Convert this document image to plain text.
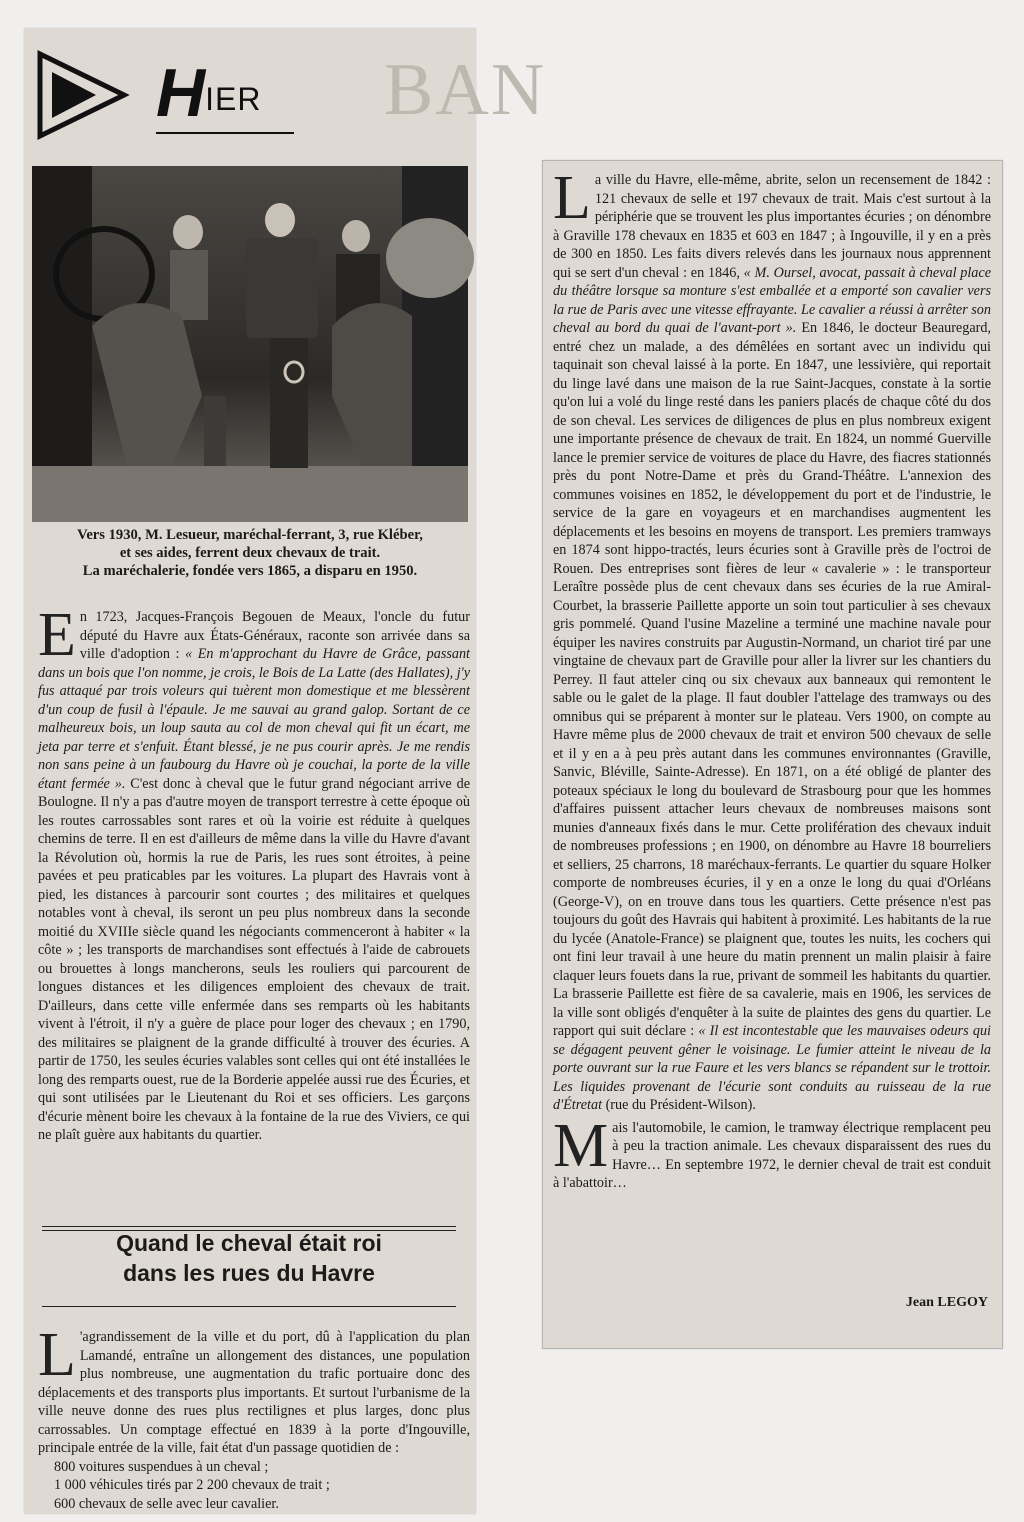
BAN
HIER
Vers 1930, M. Lesueur, maréchal-ferrant, 3, rue Kléber,
et ses aides, ferrent deux chevaux de trait.
La maréchalerie, fondée vers 1865, a disparu en 1950.

En 1723, Jacques-François Begouen de Meaux, l'oncle du futur député du Havre aux États-Généraux, raconte son arrivée dans sa ville d'adoption : « En m'approchant du Havre de Grâce, passant dans un bois que l'on nomme, je crois, le Bois de La Latte (des Hallates), j'y fus attaqué par trois voleurs qui tuèrent mon domestique et me blessèrent d'un coup de fusil à l'épaule. Je me sauvai au grand galop. Sortant de ce malheureux bois, un loup sauta au col de mon cheval qui fit un écart, me jeta par terre et s'enfuit. Étant blessé, je ne pus courir après. Je me rendis non sans peine à un faubourg du Havre où je couchai, la porte de la ville étant fermée ». C'est donc à cheval que le futur grand négociant arrive de Boulogne. Il n'y a pas d'autre moyen de transport terrestre à cette époque où les routes carrossables sont rares et où la voirie est réduite à quelques chemins de terre. Il en est d'ailleurs de même dans la ville du Havre d'avant la Révolution où, hormis la rue de Paris, les rues sont étroites, à peine pavées et peu praticables par les voitures. La plupart des Havrais vont à pied, les distances à parcourir sont courtes ; des militaires et quelques notables vont à cheval, ils seront un peu plus nombreux dans la seconde moitié du XVIIIe siècle quand les négociants commenceront à habiter « la côte » ; les transports de marchandises sont effectués à l'aide de cabrouets ou brouettes à longs mancherons, seuls les rouliers qui parcourent de longues distances et les diligences emploient des chevaux de trait. D'ailleurs, dans cette ville enfermée dans ses remparts où les habitants vivent à l'étroit, il n'y a guère de place pour loger des chevaux ; en 1790, des militaires se plaignent de la grande difficulté à trouver des écuries. A partir de 1750, les seules écuries valables sont celles qui ont été installées le long des remparts ouest, rue de la Borderie appelée aussi rue des Écuries, et qui sont utilisées par le Lieutenant du Roi et ses officiers. Les garçons d'écurie mènent boire les chevaux à la fontaine de la rue des Viviers, ce qui ne plaît guère aux habitants du quartier.

Quand le cheval était roi
dans les rues du Havre

L 'agrandissement de la ville et du port, dû à l'application du plan Lamandé, entraîne un allongement des distances, une population plus nombreuse, une augmentation du trafic portuaire donc des déplacements et des transports plus importants. Et surtout l'urbanisme de la ville neuve donne des rues plus rectilignes et plus larges, donc plus carrossables. Un comptage effectué en 1839 à la porte d'Ingouville, principale entrée de la ville, fait état d'un passage quotidien de :

800 voitures suspendues à un cheval ;
1 000 véhicules tirés par 2 200 chevaux de trait ;
600 chevaux de selle avec leur cavalier.

La ville du Havre, elle-même, abrite, selon un recensement de 1842 : 121 chevaux de selle et 197 chevaux de trait. Mais c'est surtout à la périphérie que se trouvent les plus importantes écuries ; on dénombre à Graville 178 chevaux en 1835 et 603 en 1847 ; à Ingouville, il y en a près de 300 en 1850. Les faits divers relevés dans les journaux nous apprennent qui se sert d'un cheval : en 1846, « M. Oursel, avocat, passait à cheval place du théâtre lorsque sa monture s'est emballée et a emporté son cavalier vers la rue de Paris avec une vitesse effrayante. Le cavalier a réussi à arrêter son cheval au bord du quai de l'avant-port ». En 1846, le docteur Beauregard, entré chez un malade, a des démêlées en sortant avec un individu qui taquinait son cheval laissé à la porte. En 1847, une lessivière, qui reportait du linge lavé dans une maison de la rue Saint-Jacques, constate à la sortie qu'on lui a volé du linge resté dans les paniers placés de chaque côté du dos de son cheval. Les services de diligences de plus en plus nombreux exigent une importante présence de chevaux de trait. En 1824, un nommé Guerville lance le premier service de voitures de place du Havre, des fiacres stationnés près du pont Notre-Dame et près du Grand-Théâtre. L'annexion des communes voisines en 1852, le développement du port et de l'industrie, le service de la gare en voyageurs et en marchandises augmentent les déplacements et les besoins en moyens de transport. Les premiers tramways en 1874 sont hippo-tractés, leurs écuries sont à Graville près de l'octroi de Rouen. Des entreprises sont fières de leur « cavalerie » : le transporteur Leraître possède plus de cent chevaux dans ses écuries de la rue Amiral-Courbet, la brasserie Paillette apporte un soin tout particulier à ses chevaux gris pommelé. Quand l'usine Mazeline a terminé une machine navale pour équiper les navires construits par Augustin-Normand, un chariot tiré par une vingtaine de chevaux part de Graville pour aller la livrer sur les chantiers du Perrey. Il faut atteler cinq ou six chevaux aux banneaux qui remontent le sable ou le galet de la plage. Il faut doubler l'attelage des tramways ou des omnibus qui se préparent à monter sur le plateau. Vers 1900, on compte au Havre même plus de 2000 chevaux de trait et environ 500 chevaux de selle et il y en a à peu près autant dans les communes environnantes (Graville, Sanvic, Bléville, Sainte-Adresse). En 1871, on a été obligé de planter des poteaux spéciaux le long du boulevard de Strasbourg pour que les hommes d'affaires puissent attacher leurs chevaux de nombreuses maisons sont munies d'anneaux fixés dans le mur. Cette prolifération des chevaux induit de nombreuses professions ; en 1900, on dénombre au Havre 18 bourreliers et selliers, 25 charrons, 18 maréchaux-ferrants. Le quartier du square Holker comporte de nombreuses écuries, il y en a onze le long du quai d'Orléans (George-V), on en trouve dans tous les quartiers. Cette présence n'est pas toujours du goût des Havrais qui habitent à proximité. Les habitants de la rue du lycée (Anatole-France) se plaignent que, toutes les nuits, les cochers qui ont fini leur travail à une heure du matin prennent un malin plaisir à faire claquer leurs fouets dans la rue, privant de sommeil les habitants du quartier. La brasserie Paillette est fière de sa cavalerie, mais en 1906, les services de la ville sont obligés d'enquêter à la suite de plaintes des gens du quartier. Le rapport qui suit déclare : « Il est incontestable que les mauvaises odeurs qui se dégagent peuvent gêner le voisinage. Le fumier atteint le niveau de la porte ouvrant sur la rue Faure et les vers blancs se répandent sur le trottoir. Les liquides provenant de l'écurie sont conduits au ruisseau de la rue d'Étretat (rue du Président-Wilson).

Mais l'automobile, le camion, le tramway électrique remplacent peu à peu la traction animale. Les chevaux disparaissent des rues du Havre… En septembre 1972, le dernier cheval de trait est conduit à l'abattoir…

Jean LEGOY
